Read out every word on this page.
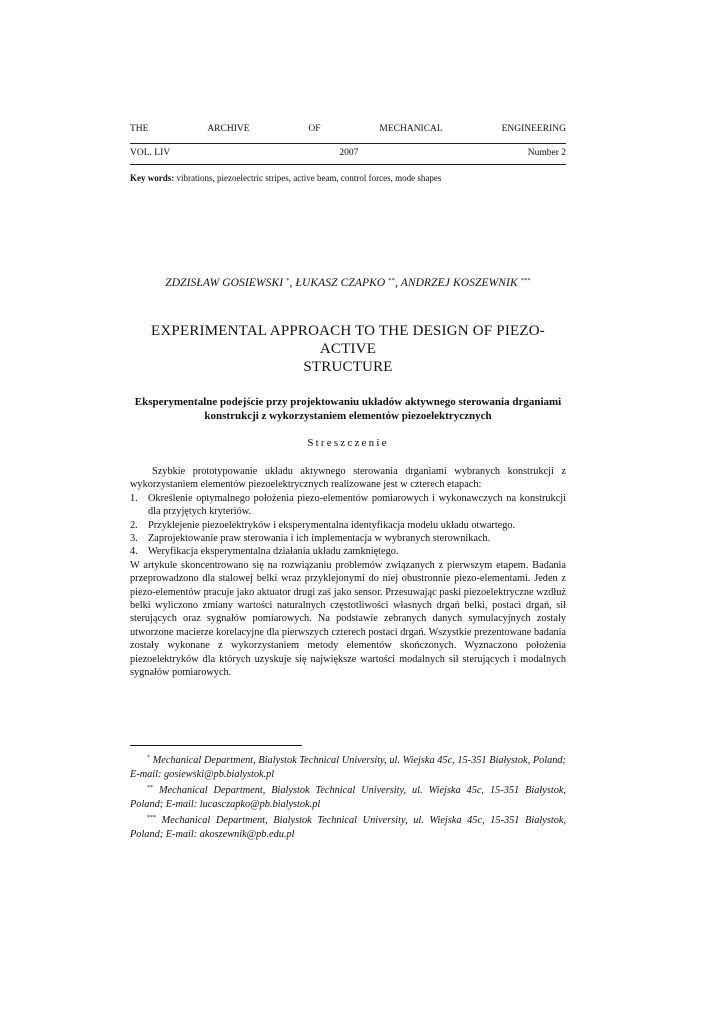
THE	ARCHIVE	OF	MECHANICAL	ENGINEERING
VOL. LIV	2007	Number 2
Key words: vibrations, piezoelectric stripes, active beam, control forces, mode shapes
ZDZISŁAW GOSIEWSKI *, ŁUKASZ CZAPKO **, ANDRZEJ KOSZEWNIK ***
EXPERIMENTAL APPROACH TO THE DESIGN OF PIEZO-ACTIVE
STRUCTURE
Eksperymentalne podejście przy projektowaniu układów aktywnego sterowania drganiami
konstrukcji z wykorzystaniem elementów piezoelektrycznych
Streszczenie

Szybkie prototypowanie układu aktywnego sterowania drganiami wybranych konstrukcji z wykorzystaniem elementów piezoelektrycznych realizowane jest w czterech etapach:

1. Określenie optymalnego położenia piezo-elementów pomiarowych i wykonawczych na konstrukcji dla przyjętych kryteriów.
2. Przyklejenie piezoelektryków i eksperymentalna identyfikacja modelu układu otwartego.
3. Zaprojektowanie praw sterowania i ich implementacja w wybranych sterownikach.
4. Weryfikacja eksperymentalna działania układu zamkniętego.

W artykule skoncentrowano się na rozwiązaniu problemów związanych z pierwszym etapem. Badania przeprowadzono dla stalowej belki wraz przyklejonymi do niej obustronnie piezo-elementami. Jeden z piezo-elementów pracuje jako aktuator drugi zaś jako sensor. Przesuwając paski piezoelektryczne wzdłuż belki wyliczono zmiany wartości naturalnych częstotliwości własnych drgań belki, postaci drgań, sił sterujących oraz sygnałów pomiarowych. Na podstawie zebranych danych symulacyjnych zostały utworzone macierze korelacyjne dla pierwszych czterech postaci drgań. Wszystkie prezentowane badania zostały wykonane z wykorzystaniem metody elementów skończonych. Wyznaczono położenia piezoelektryków dla których uzyskuje się największe wartości modalnych sił sterujących i modalnych sygnałów pomiarowych.

* Mechanical Department, Bialystok Technical University, ul. Wiejska 45c, 15-351 Białystok, Poland; E-mail: gosiewski@pb.bialystok.pl

** Mechanical Department, Bialystok Technical University, ul. Wiejska 45c, 15-351 Białystok, Poland; E-mail: lucasczapko@pb.bialystok.pl

*** Mechanical Department, Bialystok Technical University, ul. Wiejska 45c, 15-351 Białystok, Poland; E-mail: akoszewnik@pb.edu.pl
